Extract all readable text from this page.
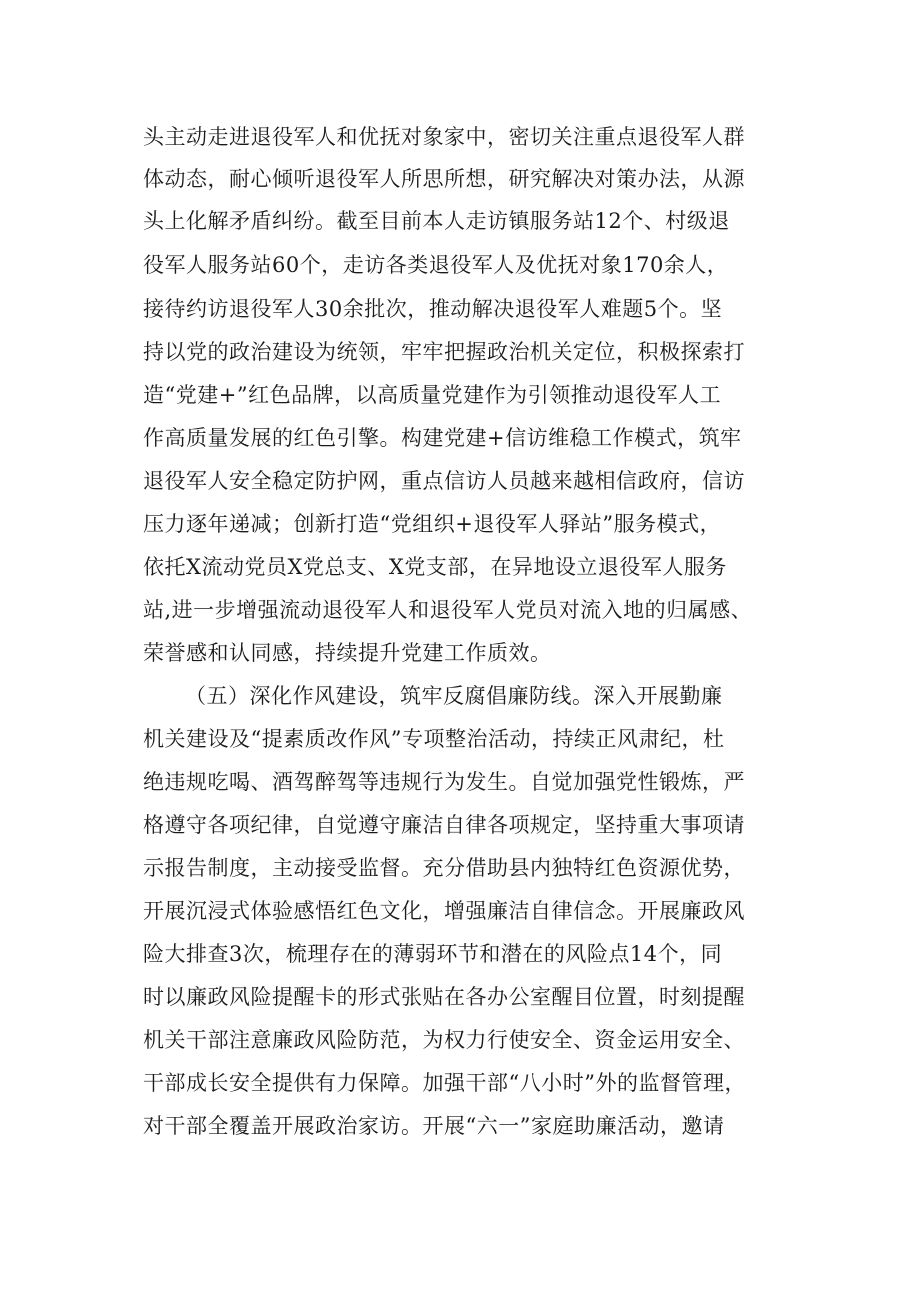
头主动走进退役军人和优抚对象家中，密切关注重点退役军人群
体动态，耐心倾听退役军人所思所想，研究解决对策办法，从源
头上化解矛盾纠纷。截至目前本人走访镇服务站12个、村级退
役军人服务站60个，走访各类退役军人及优抚对象170余人，
接待约访退役军人30余批次，推动解决退役军人难题5个。坚
持以党的政治建设为统领，牢牢把握政治机关定位，积极探索打
造“党建+”红色品牌，以高质量党建作为引领推动退役军人工
作高质量发展的红色引擎。构建党建+信访维稳工作模式，筑牢
退役军人安全稳定防护网，重点信访人员越来越相信政府，信访
压力逐年递减；创新打造“党组织+退役军人驿站”服务模式，
依托X流动党员X党总支、X党支部，在异地设立退役军人服务
站,进一步增强流动退役军人和退役军人党员对流入地的归属感、
荣誉感和认同感，持续提升党建工作质效。
（五）深化作风建设，筑牢反腐倡廉防线。深入开展勤廉
机关建设及“提素质改作风”专项整治活动，持续正风肃纪，杜
绝违规吃喝、酒驾醉驾等违规行为发生。自觉加强党性锻炼，严
格遵守各项纪律，自觉遵守廉洁自律各项规定，坚持重大事项请
示报告制度，主动接受监督。充分借助县内独特红色资源优势，
开展沉浸式体验感悟红色文化，增强廉洁自律信念。开展廉政风
险大排查3次，梳理存在的薄弱环节和潜在的风险点14个，同
时以廉政风险提醒卡的形式张贴在各办公室醒目位置，时刻提醒
机关干部注意廉政风险防范，为权力行使安全、资金运用安全、
干部成长安全提供有力保障。加强干部“八小时”外的监督管理，
对干部全覆盖开展政治家访。开展“六一”家庭助廉活动，邀请
